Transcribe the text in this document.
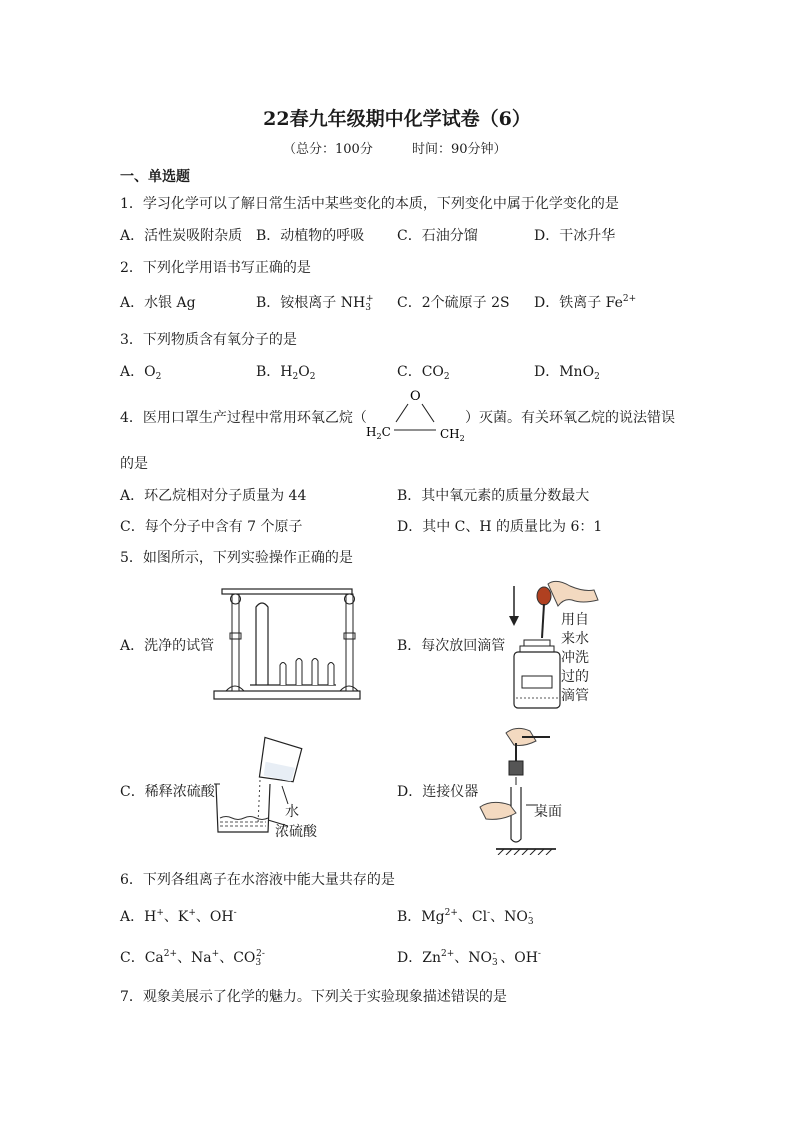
22春九年级期中化学试卷（6）
（总分：100分	时间：90分钟）
一、单选题
1．学习化学可以了解日常生活中某些变化的本质，下列变化中属于化学变化的是
A．活性炭吸附杂质 B．动植物的呼吸 C．石油分馏	D．干冰升华
2．下列化学用语书写正确的是
A．水银 Ag	B．铵根离子 $NH_3^+$ C．2个硫原子 2S D．铁离子 $Fe^{2+}$
3．下列物质含有氧分子的是
A．$O_2$	B．$H_2O_2$	C．$CO_2$	D．MnO$_2$
4．医用口罩生产过程中常用环氧乙烷（
O
$H_2C$	$CH_2$
）灭菌。有关环氧乙烷的说法错误
的是
A．环乙烷相对分子质量为 44	B．其中氧元素的质量分数最大
C．每个分子中含有 7 个原子	D．其中 C、H 的质量比为 6：1
5．如图所示，下列实验操作正确的是
A．洗净的试管	B．每次放回滴管
用自
来水
冲洗
过的
滴管
C．稀释浓硫酸
水
浓硫酸
D．连接仪器
桌面
6．下列各组离子在水溶液中能大量共存的是
A．H+、K+、OH-	B．$Mg^{2+}$、Cl-、$NO_3^-$
C．$Ca^{2+}$、Na+、$CO_3^{2-}$	D．$Zn^{2+}$、$NO_3^-$ 、OH-
7．观象美展示了化学的魅力。下列关于实验现象描述错误的是
